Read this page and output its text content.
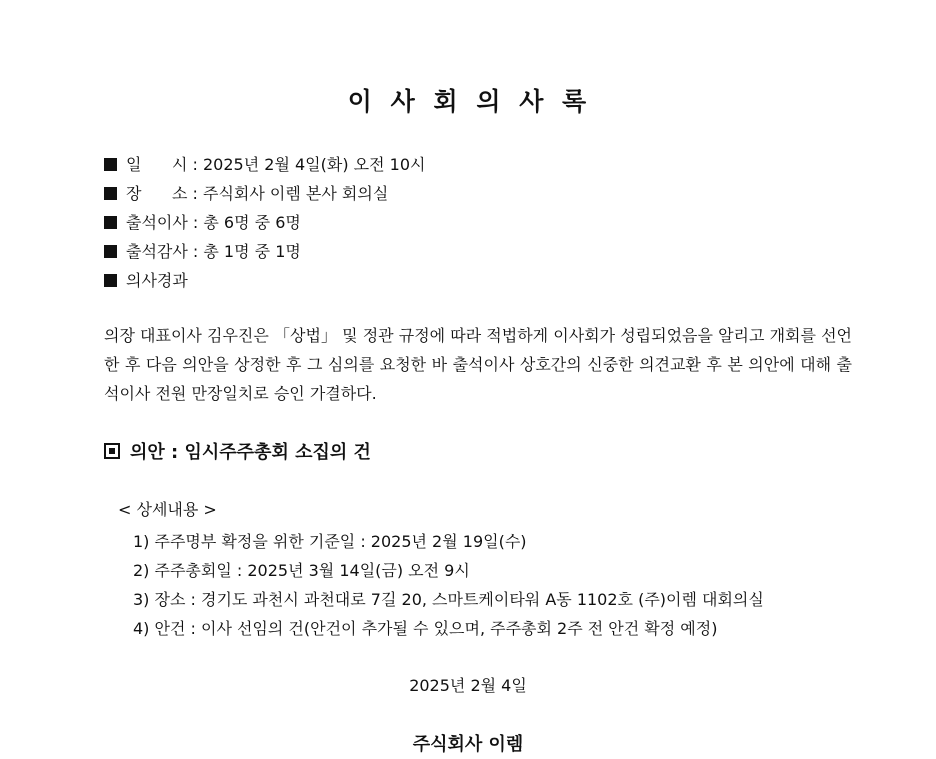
이 사 회 의 사 록
일      시 : 2025년 2월 4일(화) 오전 10시
장      소 : 주식회사 이렘 본사 회의실
출석이사 : 총 6명 중 6명
출석감사 : 총 1명 중 1명
의사경과

의장 대표이사 김우진은 「상법」 및 정관 규정에 따라 적법하게 이사회가 성립되었음을 알리고 개회를 선언한 후 다음 의안을 상정한 후 그 심의를 요청한 바 출석이사 상호간의 신중한 의견교환 후 본 의안에 대해 출석이사 전원 만장일치로 승인 가결하다.

의안 : 임시주주총회 소집의 건
< 상세내용 >
1) 주주명부 확정을 위한 기준일 : 2025년 2월 19일(수)
2) 주주총회일 : 2025년 3월 14일(금) 오전 9시
3) 장소 : 경기도 과천시 과천대로 7길 20, 스마트케이타워 A동 1102호 (주)이렘 대회의실
4) 안건 : 이사 선임의 건(안건이 추가될 수 있으며, 주주총회 2주 전 안건 확정 예정)
2025년 2월 4일
주식회사 이렘
